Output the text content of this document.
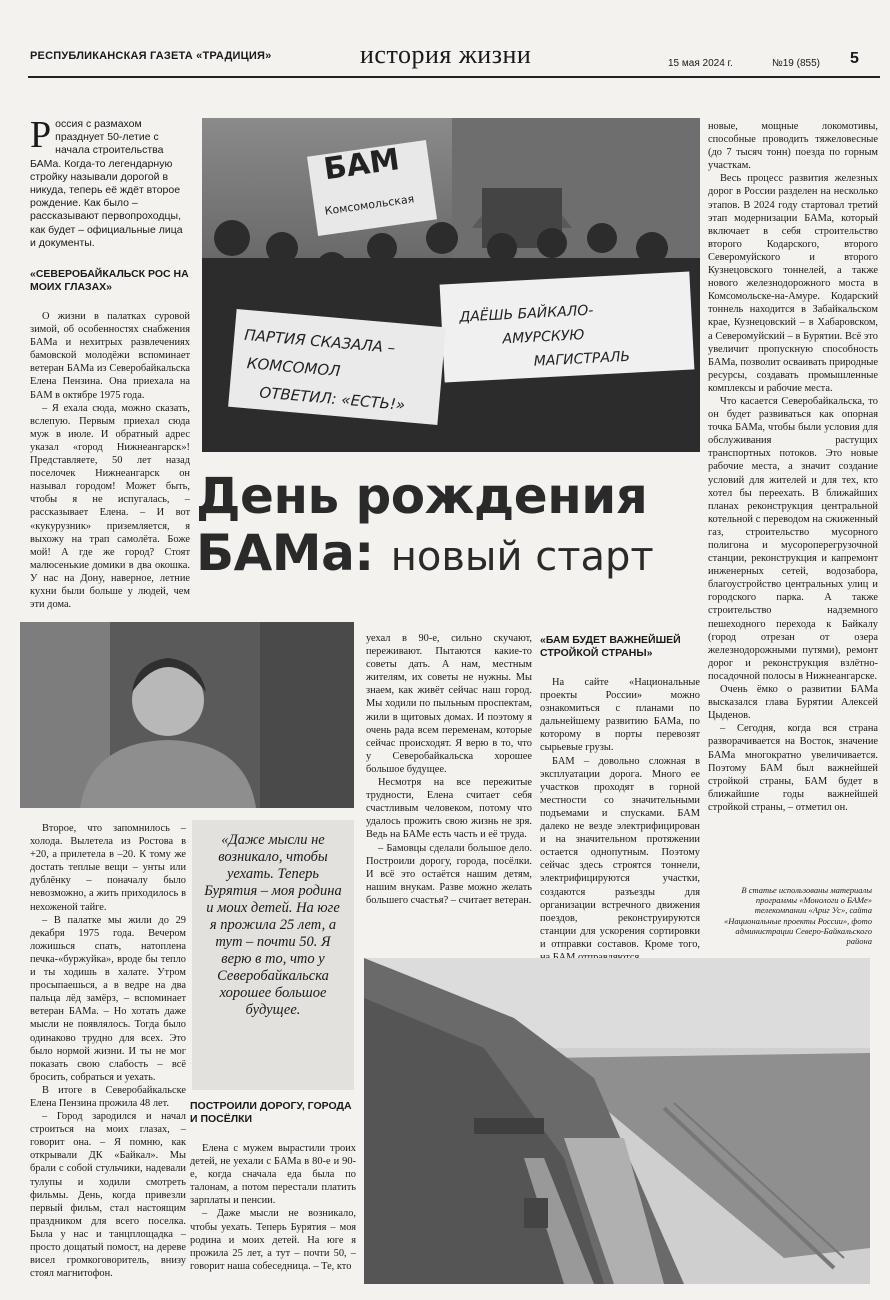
РЕСПУБЛИКАНСКАЯ ГАЗЕТА «ТРАДИЦИЯ»	история жизни	15 мая 2024 г.	№19 (855) 5
Россия с размахом празднует 50-летие с начала строительства БАМа. Когда-то легендарную стройку называли дорогой в никуда, теперь её ждёт второе рождение. Как было – рассказывают первопроходцы, как будет – официальные лица и документы.
«СЕВЕРОБАЙКАЛЬСК РОС НА МОИХ ГЛАЗАХ»

О жизни в палатках суровой зимой, об особенностях снабжения БАМа и нехитрых развлечениях бамовской молодёжи вспоминает ветеран БАМа из Северобайкальска Елена Пензина. Она приехала на БАМ в октябре 1975 года.

– Я ехала сюда, можно сказать, вслепую. Первым приехал сюда муж в июле. И обратный адрес указал «город Нижнеангарск»! Представляете, 50 лет назад поселочек Нижнеангарск он называл городом! Может быть, чтобы я не испугалась, – рассказывает Елена. – И вот «кукурузник» приземляется, я выхожу на трап самолёта. Боже мой! А где же город? Стоят малюсенькие домики в два окошка. У нас на Дону, наверное, летние кухни были больше у людей, чем эти дома.

БАМ
Комсомольская
ДАЁШЬ БАЙКАЛО-АМУРСКУЮМАГИСТРАЛЬ
ПАРТИЯ СКАЗАЛА –КОМСОМОЛОТВЕТИЛ: «ЕСТЬ!»

новые, мощные локомотивы, способные проводить тяжеловесные (до 7 тысяч тонн) поезда по горным участкам.

Весь процесс развития железных дорог в России разделен на несколько этапов. В 2024 году стартовал третий этап модернизации БАМа, который включает в себя строительство второго Кодарского, второго Северомуйского и второго Кузнецовского тоннелей, а также нового железнодорожного моста в Комсомольске-на-Амуре. Кодарский тоннель находится в Забайкальском крае, Кузнецовский – в Хабаровском, а Северомуйский – в Бурятии. Всё это увеличит пропускную способность БАМа, позволит осваивать природные ресурсы, создавать промышленные комплексы и рабочие места.

Что касается Северобайкальска, то он будет развиваться как опорная точка БАМа, чтобы были условия для обслуживания растущих транспортных потоков. Это новые рабочие места, а значит создание условий для жителей и для тех, кто хотел бы переехать. В ближайших планах реконструкция центральной котельной с переводом на сжиженный газ, строительство мусорного полигона и мусороперегрузочной станции, реконструкция и капремонт инженерных сетей, водозабора, благоустройство центральных улиц и городского парка. А также строительство надземного пешеходного перехода к Байкалу (город отрезан от озера железнодорожными путями), ремонт дорог и реконструкция взлётно-посадочной полосы в Нижнеангарске.

Очень ёмко о развитии БАМа высказался глава Бурятии Алексей Цыденов.

– Сегодня, когда вся страна разворачивается на Восток, значение БАМа многократно увеличивается. Поэтому БАМ был важнейшей стройкой страны, БАМ будет в ближайшие годы важнейшей стройкой страны, – отметил он.

День рождения
БАМа: новый старт

Второе, что запомнилось – холода. Вылетела из Ростова в +20, а прилетела в –20. К тому же достать теплые вещи – унты или дублёнку – поначалу было невозможно, а жить приходилось в нехоженой тайге.

– В палатке мы жили до 29 декабря 1975 года. Вечером ложишься спать, натоплена печка-«буржуйка», вроде бы тепло и ты ходишь в халате. Утром просыпаешься, а в ведре на два пальца лёд замёрз, – вспоминает ветеран БАМа. – Но хотать даже мысли не появлялось. Тогда было одинаково трудно для всех. Это было нормой жизни. И ты не мог показать свою слабость – всё бросить, собраться и уехать.

В итоге в Северобайкальске Елена Пензина прожила 48 лет.

– Город зародился и начал строиться на моих глазах, – говорит она. – Я помню, как открывали ДК «Байкал». Мы брали с собой стульчики, надевали тулупы и ходили смотреть фильмы. День, когда привезли первый фильм, стал настоящим праздником для всего поселка. Была у нас и танцплощадка – просто дощатый помост, на дереве висел громкоговоритель, внизу стоял магнитофон.

«Даже мысли не возникало, чтобы уехать. Теперь Бурятия – моя родина и моих детей. На юге я прожила 25 лет, а тут – почти 50. Я верю в то, что у Северобайкальска хорошее большое будущее.

уехал в 90-е, сильно скучают, переживают. Пытаются какие-то советы дать. А нам, местным жителям, их советы не нужны. Мы знаем, как живёт сейчас наш город. Мы ходили по пыльным проспектам, жили в щитовых домах. И поэтому я очень рада всем переменам, которые сейчас происходят. Я верю в то, что у Северобайкальска хорошее большое будущее.

Несмотря на все пережитые трудности, Елена считает себя счастливым человеком, потому что удалось прожить свою жизнь не зря. Ведь на БАМе есть часть и её труда.

– Бамовцы сделали большое дело. Построили дорогу, города, посёлки. И всё это остаётся нашим детям, нашим внукам. Разве можно желать большего счастья? – считает ветеран.

«БАМ БУДЕТ ВАЖНЕЙШЕЙ СТРОЙКОЙ СТРАНЫ»

На сайте «Национальные проекты России» можно ознакомиться с планами по дальнейшему развитию БАМа, по которому в порты перевозят сырьевые грузы.

БАМ – довольно сложная в эксплуатации дорога. Много ее участков проходят в горной местности со значительными подъемами и спусками. БАМ далеко не везде электрифицирован и на значительном протяжении остается однопутным. Поэтому сейчас здесь строятся тоннели, электрифицируются участки, создаются разъезды для организации встречного движения поездов, реконструируются станции для ускорения сортировки и отправки составов. Кроме того,

В статье использованы материалы программы «Монологи о БАМе» телекомпании «Ариг Ус», сайта «Национальные проекты России», фото администрации Северо-Байкальского района
ПОСТРОИЛИ ДОРОГУ, ГОРОДА И ПОСЁЛКИ

Елена с мужем вырастили троих детей, не уехали с БАМа в 80-е и 90-е, когда сначала еда была по талонам, а потом перестали платить зарплаты и пенсии.

– Даже мысли не возникало, чтобы уехать. Теперь Бурятия – моя родина и моих детей. На юге я прожила 25 лет, а тут – почти 50, – говорит наша собеседница. – Те, кто
